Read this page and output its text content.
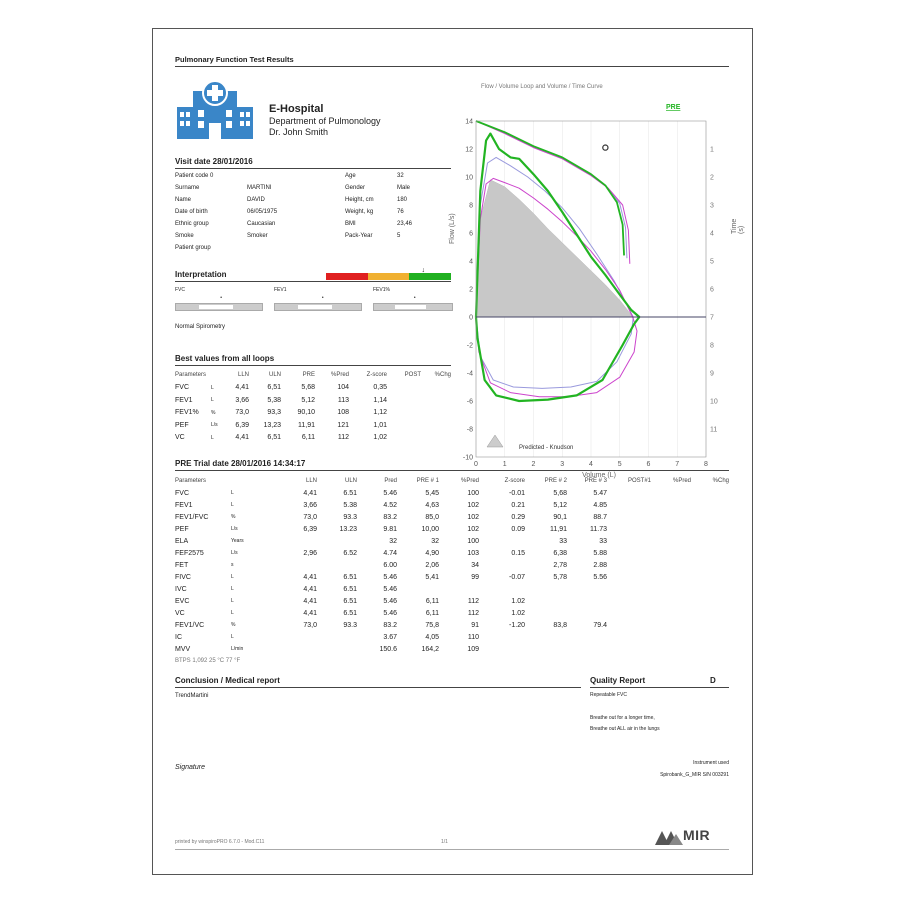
Pulmonary Function Test Results
E-Hospital
Department of Pulmonology
Dr. John Smith
Visit date 28/01/2016
Patient code 0
Surname	MARTINI
Name	DAVID
Date of birth	06/05/1975
Ethnic group	Caucasian
Smoke	Smoker
Patient group
Age	32
Gender	Male
Height, cm	180
Weight, kg	76
BMI	23,46
Pack-Year	5
Interpretation	↓
FVC
•
FEV1
•
FEV1%
•
Normal Spirometry
Best values from all loops
Parameters		LLN	ULN	PRE	%Pred	Z-score	POST	%Chg
FVC	L	4,41	6,51	5,68	104	0,35		
FEV1	L	3,66	5,38	5,12	113	1,14		
FEV1%	%	73,0	93,3	90,10	108	1,12		
PEF	L/s	6,39	13,23	11,91	121	1,01		
VC	L	4,41	6,51	6,11	112	1,02		
Flow / Volume Loop and Volume / Time Curve
0	1	2	3	4	5	6	7	8
-10
-8
-6
-4
-2
0
2
4
6
8
10
12
14
1
2
3
4
5
6
7
8
9
10
11
PRE
Predicted - Knudson
Volume (L)
Flow (L/s)	Time (s)
PRE Trial date 28/01/2016 14:34:17
Parameters		LLN	ULN	Pred	PRE # 1	%Pred	Z-score	PRE # 2	PRE # 3	POST#1	%Pred	%Chg
FVC	L	4,41	6.51	5.46	5,45	100	-0.01	5,68	5.47			
FEV1	L	3,66	5.38	4.52	4,63	102	0.21	5,12	4.85			
FEV1/FVC	%	73,0	93.3	83.2	85,0	102	0.29	90,1	88.7			
PEF	L/s	6,39	13.23	9.81	10,00	102	0.09	11,91	11.73			
ELA	Years			32	32	100		33	33			
FEF2575	L/s	2,96	6.52	4.74	4,90	103	0.15	6,38	5.88			
FET	s			6.00	2,06	34		2,78	2.88			
FIVC	L	4,41	6.51	5.46	5,41	99	-0.07	5,78	5.56			
IVC	L	4,41	6.51	5.46								
EVC	L	4,41	6.51	5.46	6,11	112	1.02					
VC	L	4,41	6.51	5.46	6,11	112	1.02					
FEV1/VC	%	73,0	93.3	83.2	75,8	91	-1.20	83,8	79.4			
IC	L			3.67	4,05	110						
MVV	L/min			150.6	164,2	109						
BTPS 1,092 25 °C 77 °F
Conclusion / Medical report
TrendMartini
Signature
Quality Report	D
Repeatable FVC
Breathe out for a longer time,
Breathe out ALL air in the lungs
Instrument used
Spirobank_G_MIR S/N 003291
printed by winspiroPRO 6.7.0 - Mod.C11	1/1	MIR
